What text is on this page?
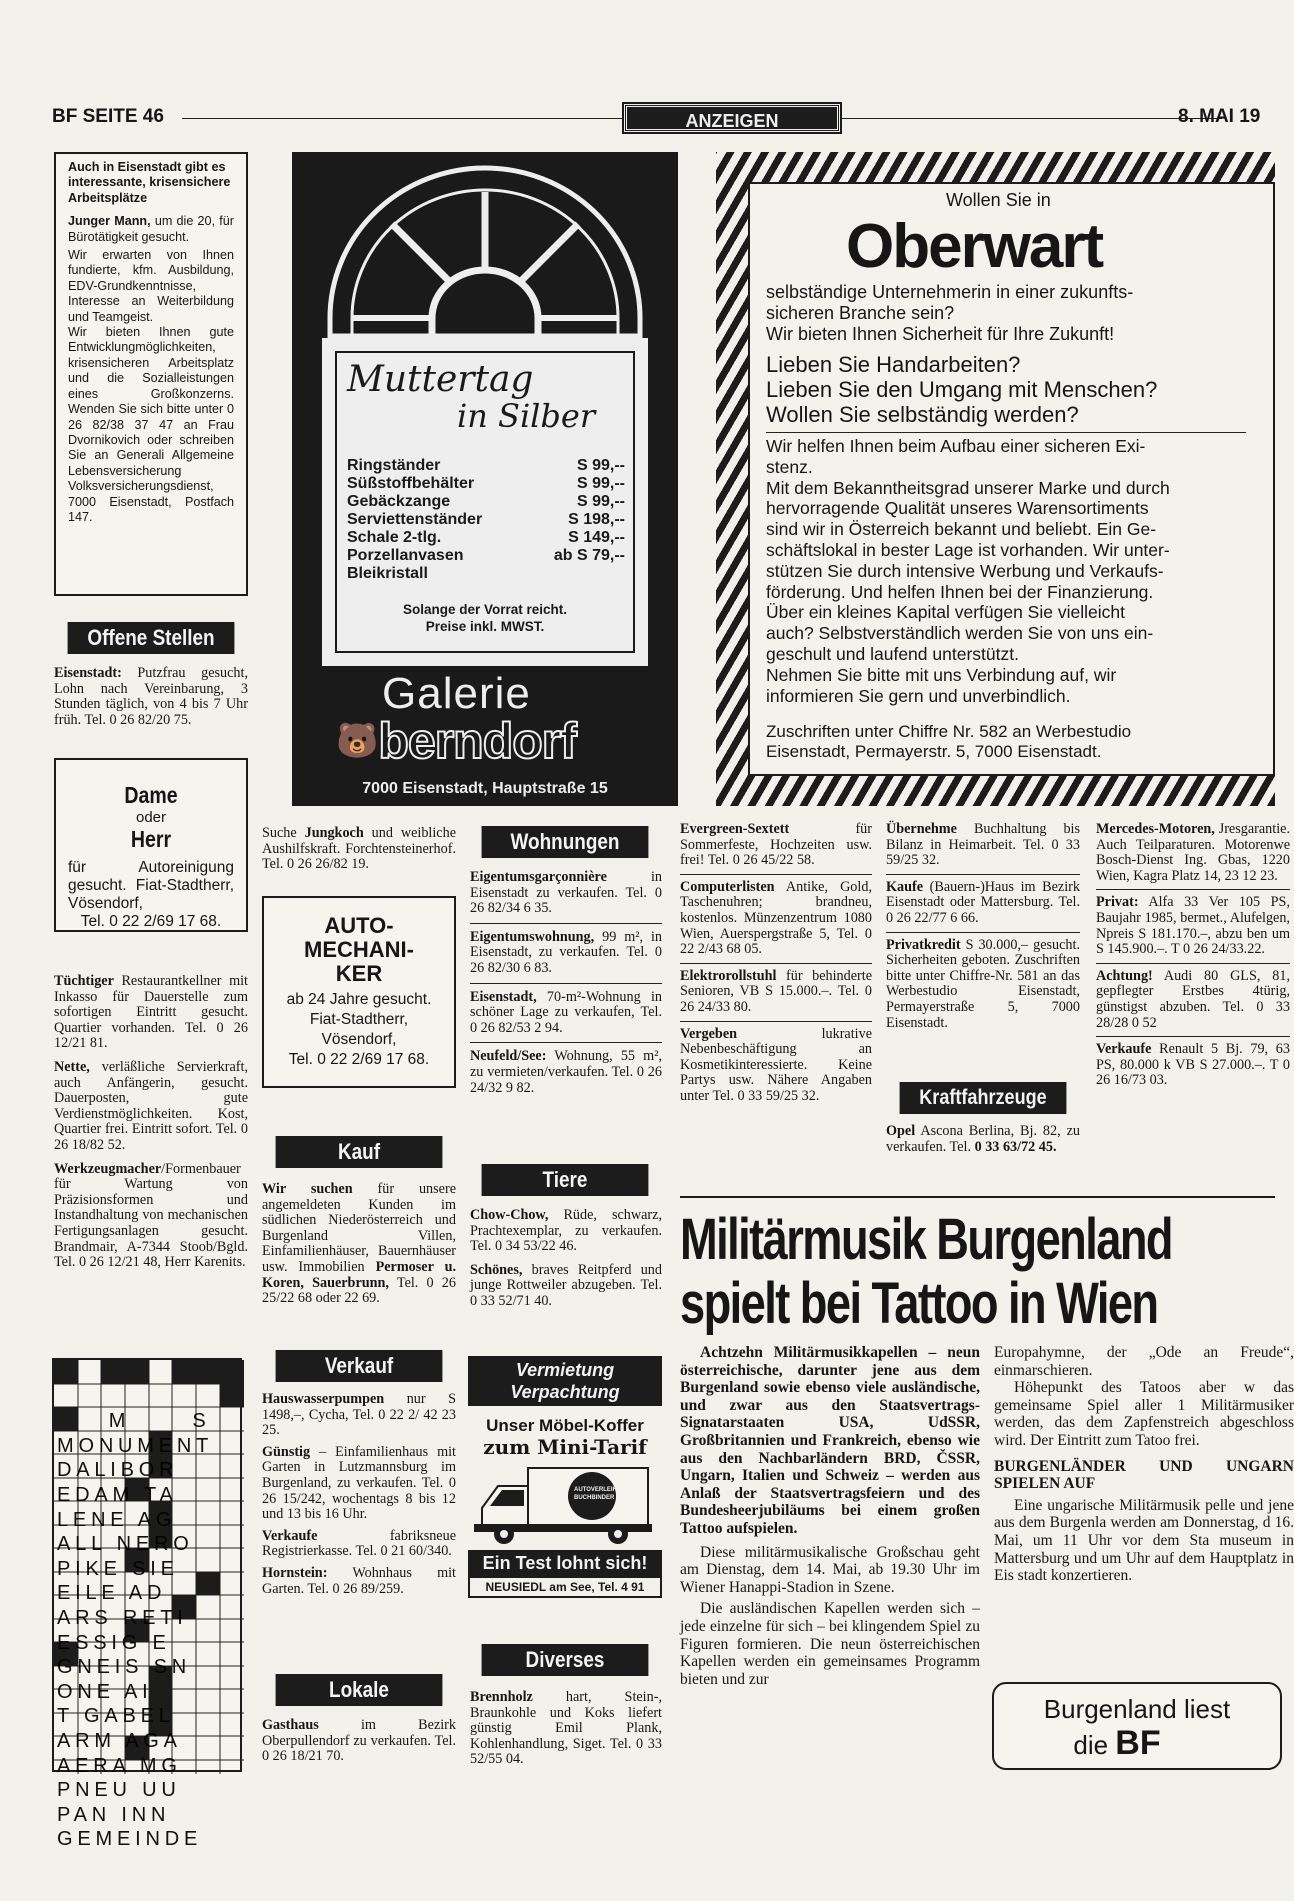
BF SEITE 46	ANZEIGEN	8. MAI 19
Auch in Eisenstadt gibt es interessante, krisensichere Arbeitsplätze
Junger Mann, um die 20, für Bürotätigkeit gesucht.
Wir erwarten von Ihnen fundierte, kfm. Ausbildung, EDV-Grundkenntnisse, Interesse an Weiterbildung und Teamgeist.
Wir bieten Ihnen gute Entwicklungmöglichkeiten, krisensicheren Arbeitsplatz und die Sozialleistungen eines Großkonzerns. Wenden Sie sich bitte unter 0 26 82/38 37 47 an Frau Dvornikovich oder schreiben Sie an Generali Allgemeine Lebensversicherung Volksversicherungsdienst, 7000 Eisenstadt, Postfach 147.
Offene Stellen
Eisenstadt: Putzfrau gesucht, Lohn nach Vereinbarung, 3 Stunden täglich, von 4 bis 7 Uhr früh. Tel. 0 26 82/20 75.
Dame
oder
Herr
für Autoreinigung gesucht. Fiat-Stadtherr, Vösendorf,
Tel. 0 22 2/69 17 68.
Tüchtiger Restaurantkellner mit Inkasso für Dauerstelle zum sofortigen Eintritt gesucht. Quartier vorhanden. Tel. 0 26 12/21 81.
Nette, verläßliche Servierkraft, auch Anfängerin, gesucht. Dauerposten, gute Verdienstmöglichkeiten. Kost, Quartier frei. Eintritt sofort. Tel. 0 26 18/82 52.
Werkzeugmacher/Formenbauer für Wartung von Präzisionsformen und Instandhaltung von mechanischen Fertigungsanlagen gesucht. Brandmair, A-7344 Stoob/Bgld. Tel. 0 26 12/21 48, Herr Karenits.

M      S
MONUMENT
DALIBOR
EDAM TA
LENE AG
ALL NERO
PIKE SIE
EILE AD
ARS RETI
ESSIG E
GNEIS SN
ONE AI
T GABEL
ARM AGA
AERA MG
PNEU UU
PAN INN
GEMEINDE

Muttertag
in Silber
Ringständer	S 99,--
Süßstoffbehälter	S 99,--
Gebäckzange	S 99,--
Serviettenständer	S 198,--
Schale 2-tlg.	S 149,--
Porzellanvasen	ab S 79,--
Bleikristall
Solange der Vorrat reicht.
Preise inkl. MWST.
Galerie
🐻 berndorf
7000 Eisenstadt, Hauptstraße 15
Wollen Sie in
Oberwart
selbständige Unternehmerin in einer zukunfts-
sicheren Branche sein?
Wir bieten Ihnen Sicherheit für Ihre Zukunft!
Lieben Sie Handarbeiten?
Lieben Sie den Umgang mit Menschen?
Wollen Sie selbständig werden?
Wir helfen Ihnen beim Aufbau einer sicheren Exi-
stenz.
Mit dem Bekanntheitsgrad unserer Marke und durch
hervorragende Qualität unseres Warensortiments
sind wir in Österreich bekannt und beliebt. Ein Ge-
schäftslokal in bester Lage ist vorhanden. Wir unter-
stützen Sie durch intensive Werbung und Verkaufs-
förderung. Und helfen Ihnen bei der Finanzierung.
Über ein kleines Kapital verfügen Sie vielleicht
auch? Selbstverständlich werden Sie von uns ein-
geschult und laufend unterstützt.
Nehmen Sie bitte mit uns Verbindung auf, wir
informieren Sie gern und unverbindlich.
Zuschriften unter Chiffre Nr. 582 an Werbestudio
Eisenstadt, Permayerstr. 5, 7000 Eisenstadt.
Suche Jungkoch und weibliche Aushilfskraft. Forchtensteinerhof. Tel. 0 26 26/82 19.
AUTO-
MECHANI-
KER
ab 24 Jahre gesucht.
Fiat-Stadtherr,
Vösendorf,
Tel. 0 22 2/69 17 68.
Kauf
Wir suchen für unsere angemeldeten Kunden im südlichen Niederösterreich und Burgenland Villen, Einfamilienhäuser, Bauernhäuser usw. Immobilien Permoser u. Koren, Sauerbrunn, Tel. 0 26 25/22 68 oder 22 69.
Verkauf
Hauswasserpumpen nur S 1498,–, Cycha, Tel. 0 22 2/ 42 23 25.
Günstig – Einfamilienhaus mit Garten in Lutzmannsburg im Burgenland, zu verkaufen. Tel. 0 26 15/242, wochentags 8 bis 12 und 13 bis 16 Uhr.
Verkaufe fabriksneue Registrierkasse. Tel. 0 21 60/340.
Hornstein: Wohnhaus mit Garten. Tel. 0 26 89/259.
Lokale
Gasthaus im Bezirk Oberpullendorf zu verkaufen. Tel. 0 26 18/21 70.
Wohnungen
Eigentumsgarçonnière in Eisenstadt zu verkaufen. Tel. 0 26 82/34 6 35.
Eigentumswohnung, 99 m², in Eisenstadt, zu verkaufen. Tel. 0 26 82/30 6 83.
Eisenstadt, 70-m²-Wohnung in schöner Lage zu verkaufen, Tel. 0 26 82/53 2 94.
Neufeld/See: Wohnung, 55 m², zu vermieten/verkaufen. Tel. 0 26 24/32 9 82.
Tiere
Chow-Chow, Rüde, schwarz, Prachtexemplar, zu verkaufen. Tel. 0 34 53/22 46.
Schönes, braves Reitpferd und junge Rottweiler abzugeben. Tel. 0 33 52/71 40.
Vermietung
Verpachtung
Unser Möbel-Koffer
zum Mini-Tarif
AUTOVERLEIH BUCHBINDER
Ein Test lohnt sich!
NEUSIEDL am See, Tel. 4 91
Diverses
Brennholz hart, Stein-, Braunkohle und Koks liefert günstig Emil Plank, Kohlenhandlung, Siget. Tel. 0 33 52/55 04.
Evergreen-Sextett für Sommerfeste, Hochzeiten usw. frei! Tel. 0 26 45/22 58.
Computerlisten Antike, Gold, Taschenuhren; brandneu, kostenlos. Münzenzentrum 1080 Wien, Auerspergstraße 5, Tel. 0 22 2/43 68 05.
Elektrorollstuhl für behinderte Senioren, VB S 15.000.–. Tel. 0 26 24/33 80.
Vergeben lukrative Nebenbeschäftigung an Kosmetikinteressierte. Keine Partys usw. Nähere Angaben unter Tel. 0 33 59/25 32.
Übernehme Buchhaltung bis Bilanz in Heimarbeit. Tel. 0 33 59/25 32.
Kaufe (Bauern-)Haus im Bezirk Eisenstadt oder Mattersburg. Tel. 0 26 22/77 6 66.
Privatkredit S 30.000,– gesucht. Sicherheiten geboten. Zuschriften bitte unter Chiffre-Nr. 581 an das Werbestudio Eisenstadt, Permayerstraße 5, 7000 Eisenstadt.
Kraftfahrzeuge
Opel Ascona Berlina, Bj. 82, zu verkaufen. Tel. 0 33 63/72 45.
Mercedes-Motoren, Jresgarantie. Auch Teilparaturen. Motorenwe Bosch-Dienst Ing. Gbas, 1220 Wien, Kagra Platz 14, 23 12 23.
Privat: Alfa 33 Ver 105 PS, Baujahr 1985, bermet., Alufelgen, Npreis S 181.170.–, abzu ben um S 145.900.–. T 0 26 24/33.22.
Achtung! Audi 80 GLS, 81, gepflegter Erstbes 4türig, günstigst abzuben. Tel. 0 33 28/28 0 52
Verkaufe Renault 5 Bj. 79, 63 PS, 80.000 k VB S 27.000.–. T 0 26 16/73 03.
Militärmusik Burgenland
spielt bei Tattoo in Wien
Achtzehn Militärmusikkapellen – neun österreichische, darunter jene aus dem Burgenland sowie ebenso viele ausländische, und zwar aus den Staatsvertrags-Signatarstaaten USA, UdSSR, Großbritannien und Frankreich, ebenso wie aus den Nachbarländern BRD, ČSSR, Ungarn, Italien und Schweiz – werden aus Anlaß der Staatsvertragsfeiern und des Bundesheerjubiläums bei einem großen Tattoo aufspielen.
Diese militärmusikalische Großschau geht am Dienstag, dem 14. Mai, ab 19.30 Uhr im Wiener Hanappi-Stadion in Szene.
Die ausländischen Kapellen werden sich – jede einzelne für sich – bei klingendem Spiel zu Figuren formieren. Die neun österreichischen Kapellen werden ein gemeinsames Programm bieten und zur
Europahymne, der „Ode an Freude“, einmarschieren.
Höhepunkt des Tatoos aber w das gemeinsame Spiel aller 1 Militärmusiker werden, das dem Zapfenstreich abgeschloss wird. Der Eintritt zum Tatoo frei.
BURGENLÄNDER UND UNGARN SPIELEN AUF
Eine ungarische Militärmusik pelle und jene aus dem Burgenla werden am Donnerstag, d 16. Mai, um 11 Uhr vor dem Sta museum in Mattersburg und um Uhr auf dem Hauptplatz in Eis stadt konzertieren.
Burgenland liest
die BF
